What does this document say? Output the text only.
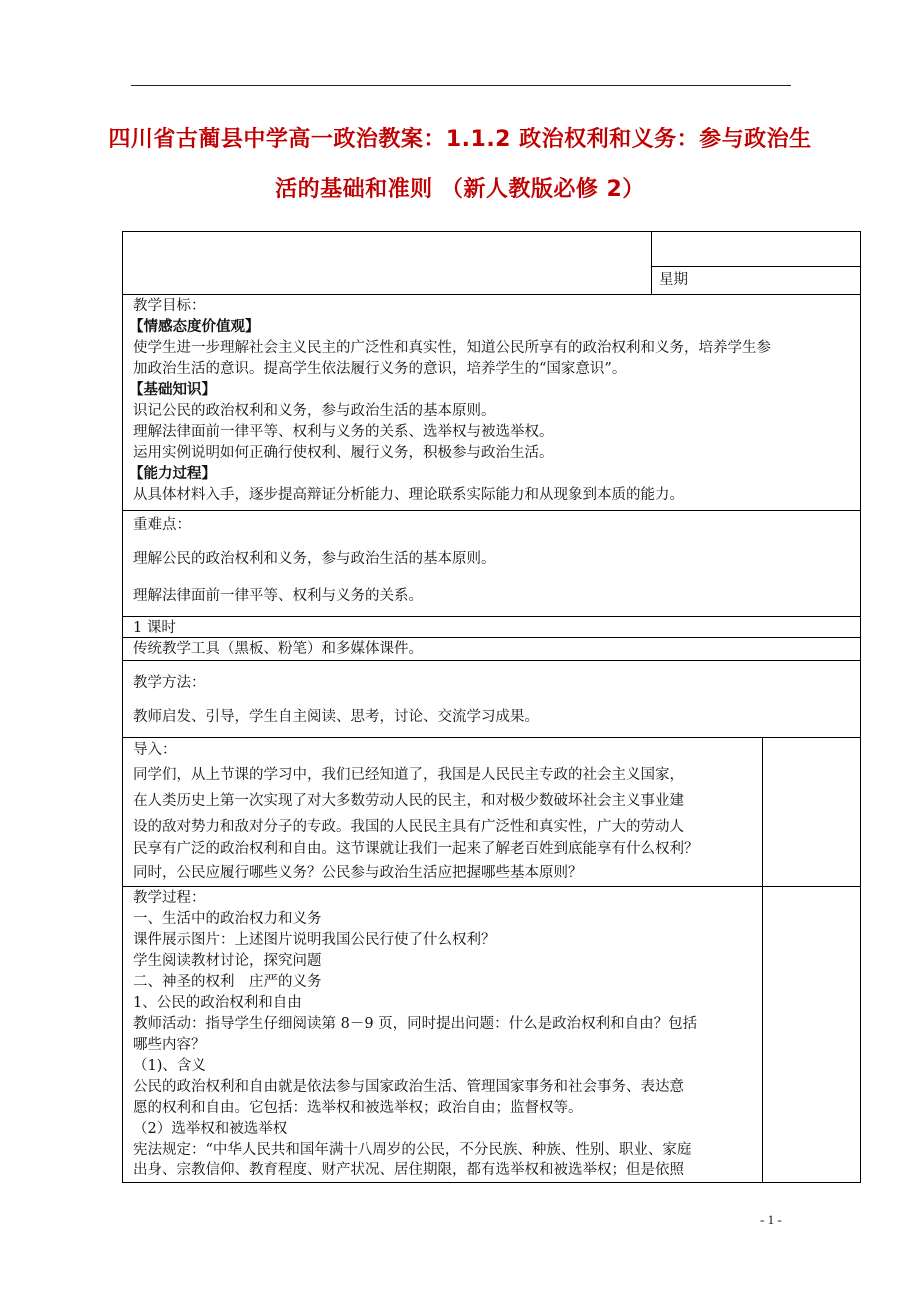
四川省古蔺县中学高一政治教案：1.1.2 政治权利和义务：参与政治生
活的基础和准则 （新人教版必修 2）
星期
教学目标：
【情感态度价值观】
使学生进一步理解社会主义民主的广泛性和真实性，知道公民所享有的政治权利和义务，培养学生参
加政治生活的意识。提高学生依法履行义务的意识，培养学生的“国家意识”。
【基础知识】
识记公民的政治权利和义务，参与政治生活的基本原则。
理解法律面前一律平等、权利与义务的关系、选举权与被选举权。
运用实例说明如何正确行使权利、履行义务，积极参与政治生活。
【能力过程】
从具体材料入手，逐步提高辩证分析能力、理论联系实际能力和从现象到本质的能力。
重难点：
理解公民的政治权利和义务，参与政治生活的基本原则。
理解法律面前一律平等、权利与义务的关系。
1 课时
传统教学工具（黑板、粉笔）和多媒体课件。
教学方法：
教师启发、引导，学生自主阅读、思考，讨论、交流学习成果。
导入：
同学们，从上节课的学习中，我们已经知道了，我国是人民民主专政的社会主义国家，
在人类历史上第一次实现了对大多数劳动人民的民主，和对极少数破坏社会主义事业建
设的敌对势力和敌对分子的专政。我国的人民民主具有广泛性和真实性，广大的劳动人
民享有广泛的政治权利和自由。这节课就让我们一起来了解老百姓到底能享有什么权利？
同时，公民应履行哪些义务？公民参与政治生活应把握哪些基本原则？
教学过程：
一、生活中的政治权力和义务
课件展示图片：上述图片说明我国公民行使了什么权利？
学生阅读教材讨论，探究问题
二、神圣的权利　庄严的义务
1、公民的政治权利和自由
教师活动：指导学生仔细阅读第 8－9 页，同时提出问题：什么是政治权利和自由？包括
哪些内容？
（1)、含义
公民的政治权利和自由就是依法参与国家政治生活、管理国家事务和社会事务、表达意
愿的权利和自由。它包括：选举权和被选举权；政治自由；监督权等。
（2）选举权和被选举权
宪法规定：“中华人民共和国年满十八周岁的公民，不分民族、种族、性别、职业、家庭
出身、宗教信仰、教育程度、财产状况、居住期限，都有选举权和被选举权；但是依照
- 1 -
